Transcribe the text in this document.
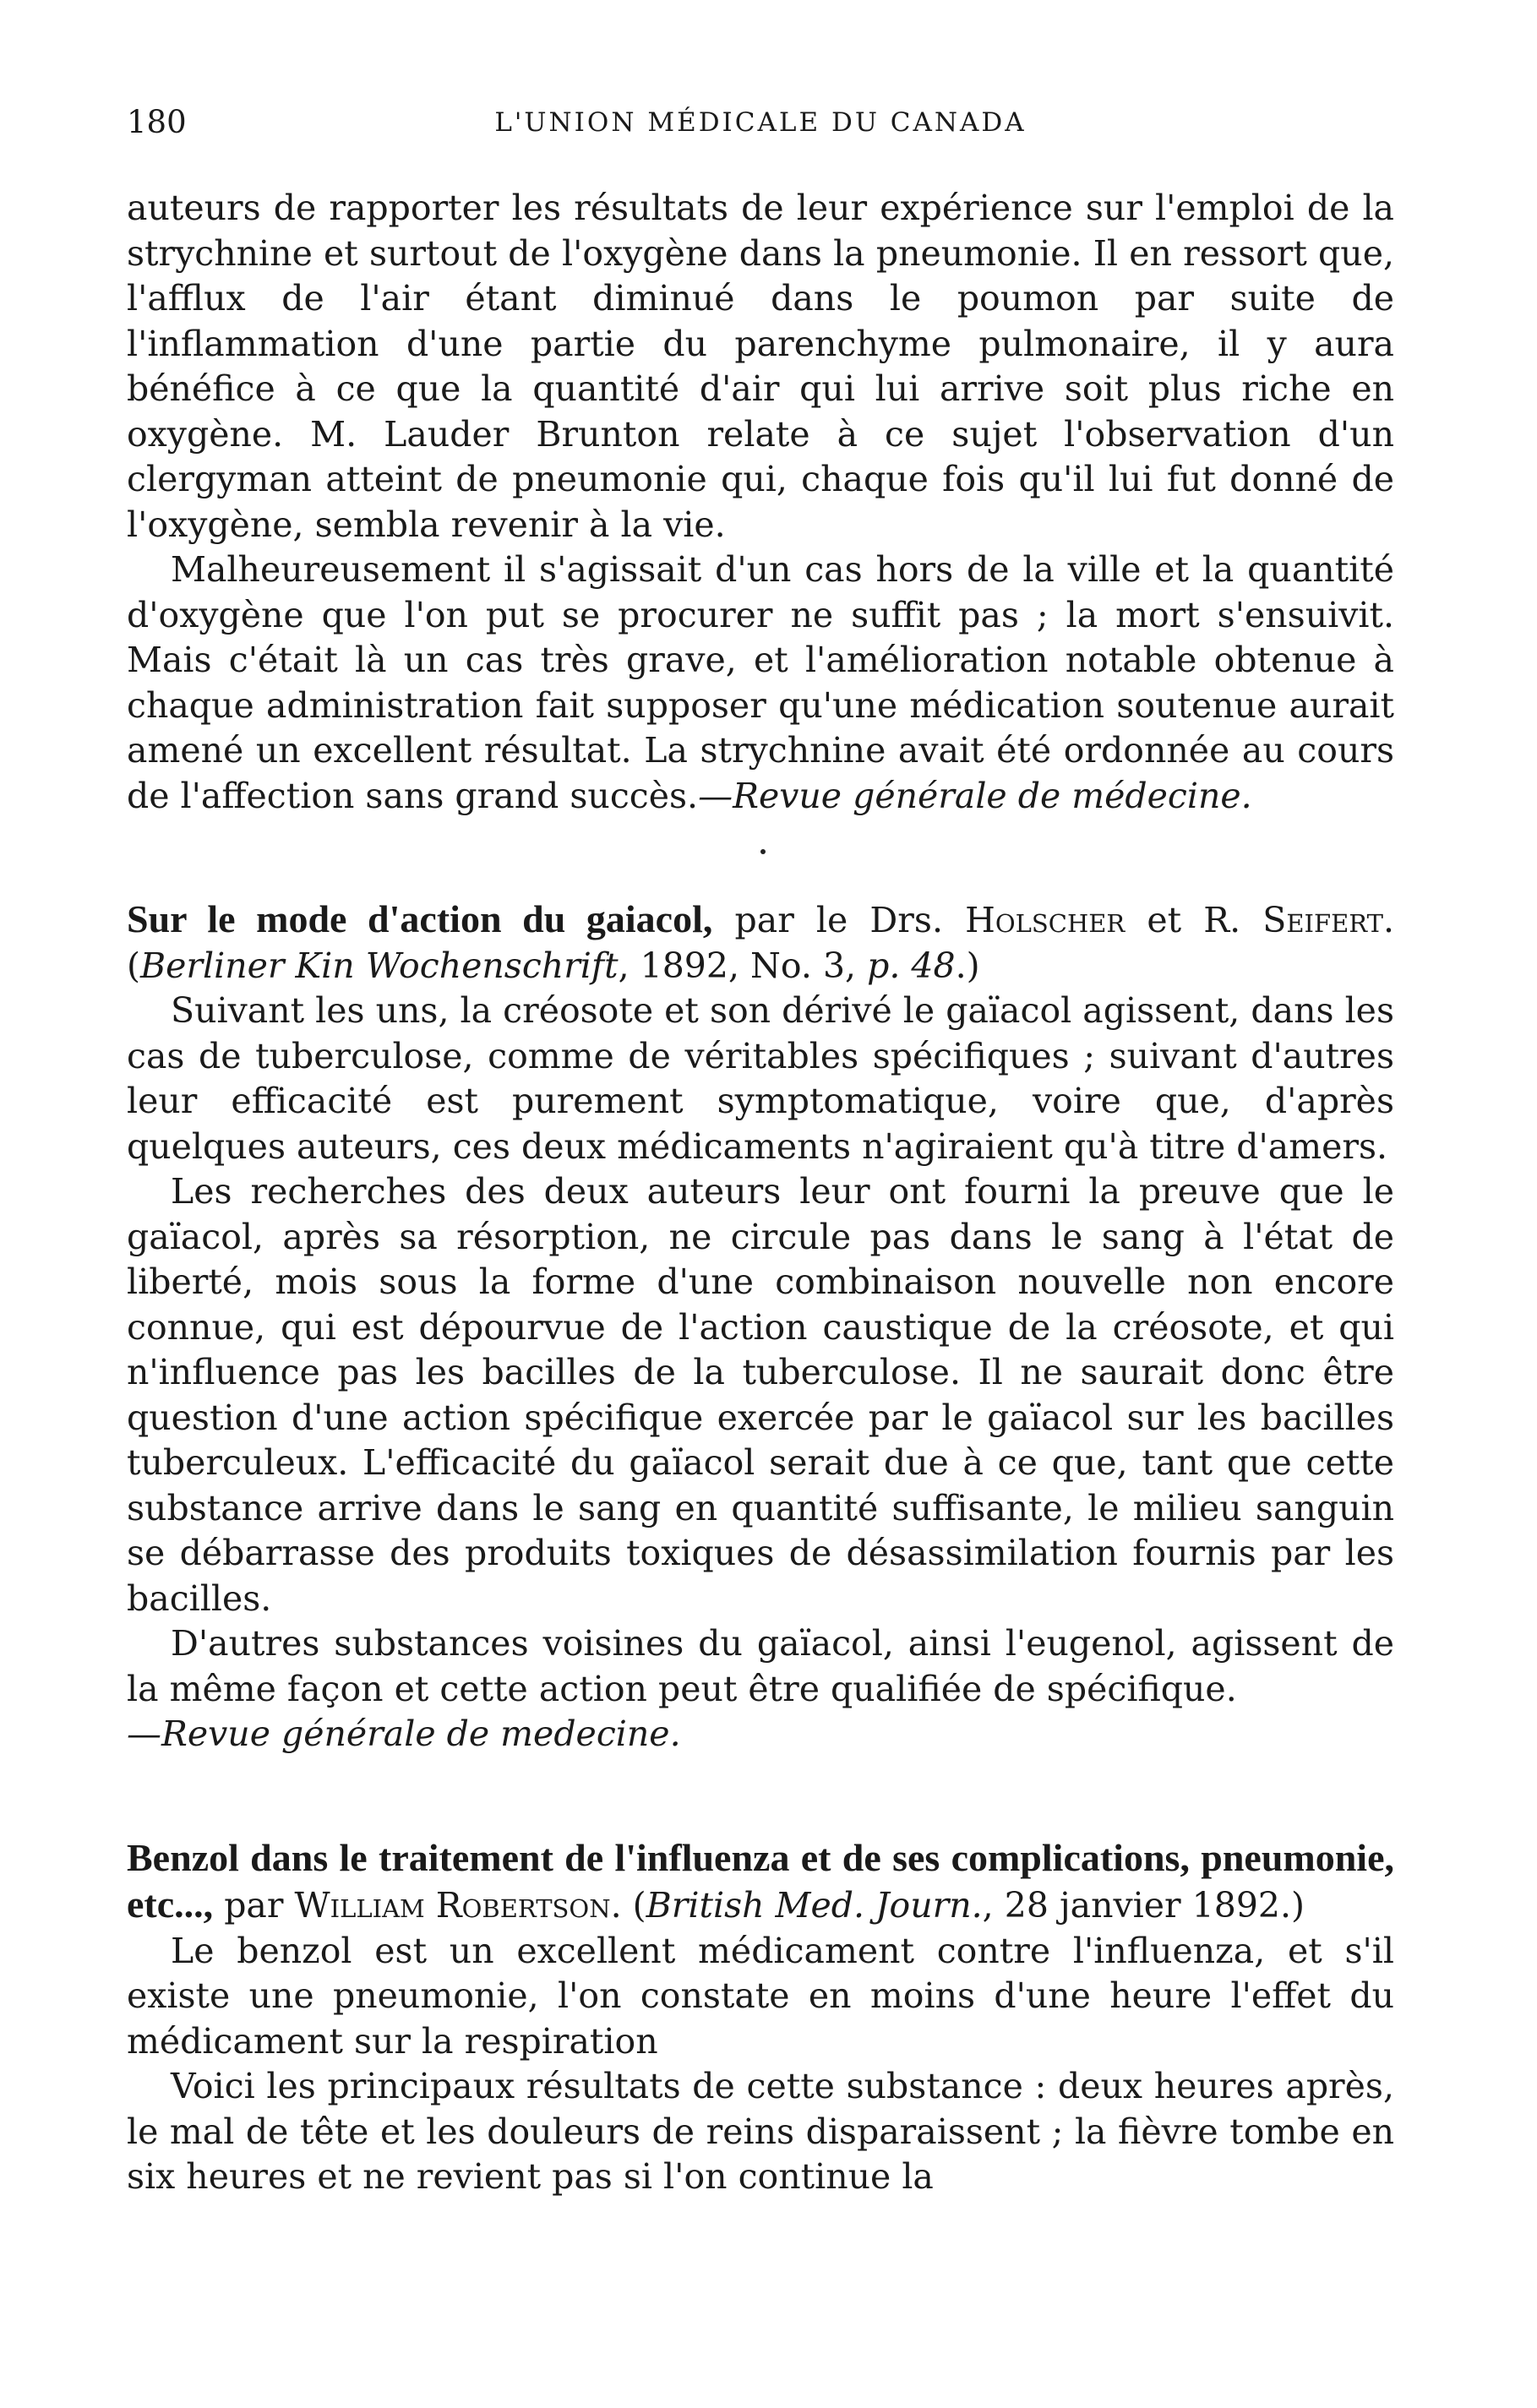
180	L'UNION MÉDICALE DU CANADA

auteurs de rapporter les résultats de leur expérience sur l'emploi de la strychnine et surtout de l'oxygène dans la pneumonie. Il en ressort que, l'afflux de l'air étant diminué dans le poumon par suite de l'inflammation d'une partie du parenchyme pulmonaire, il y aura bénéfice à ce que la quantité d'air qui lui arrive soit plus riche en oxygène. M. Lauder Brunton relate à ce sujet l'observation d'un clergyman atteint de pneumonie qui, chaque fois qu'il lui fut donné de l'oxygène, sembla revenir à la vie.

Malheureusement il s'agissait d'un cas hors de la ville et la quantité d'oxygène que l'on put se procurer ne suffit pas ; la mort s'ensuivit. Mais c'était là un cas très grave, et l'amélioration notable obtenue à chaque administration fait supposer qu'une médication soutenue aurait amené un excellent résultat. La strychnine avait été ordonnée au cours de l'affection sans grand succès.—Revue générale de médecine.

Sur le mode d'action du gaiacol, par le Drs. Holscher et R. Seifert. (Berliner Kin Wochenschrift, 1892, No. 3, p. 48.)

Suivant les uns, la créosote et son dérivé le gaïacol agissent, dans les cas de tuberculose, comme de véritables spécifiques ; suivant d'autres leur efficacité est purement symptomatique, voire que, d'après quelques auteurs, ces deux médicaments n'agiraient qu'à titre d'amers.

Les recherches des deux auteurs leur ont fourni la preuve que le gaïacol, après sa résorption, ne circule pas dans le sang à l'état de liberté, mois sous la forme d'une combinaison nouvelle non encore connue, qui est dépourvue de l'action caustique de la créosote, et qui n'influence pas les bacilles de la tuberculose. Il ne saurait donc être question d'une action spécifique exercée par le gaïacol sur les bacilles tuberculeux. L'efficacité du gaïacol serait due à ce que, tant que cette substance arrive dans le sang en quantité suffisante, le milieu sanguin se débarrasse des produits toxiques de désassimilation fournis par les bacilles.

D'autres substances voisines du gaïacol, ainsi l'eugenol, agissent de la même façon et cette action peut être qualifiée de spécifique.

—Revue générale de medecine.

Benzol dans le traitement de l'influenza et de ses complications, pneumonie, etc..., par William Robertson. (British Med. Journ., 28 janvier 1892.)

Le benzol est un excellent médicament contre l'influenza, et s'il existe une pneumonie, l'on constate en moins d'une heure l'effet du médicament sur la respiration

Voici les principaux résultats de cette substance : deux heures après, le mal de tête et les douleurs de reins disparaissent ; la fièvre tombe en six heures et ne revient pas si l'on continue la
